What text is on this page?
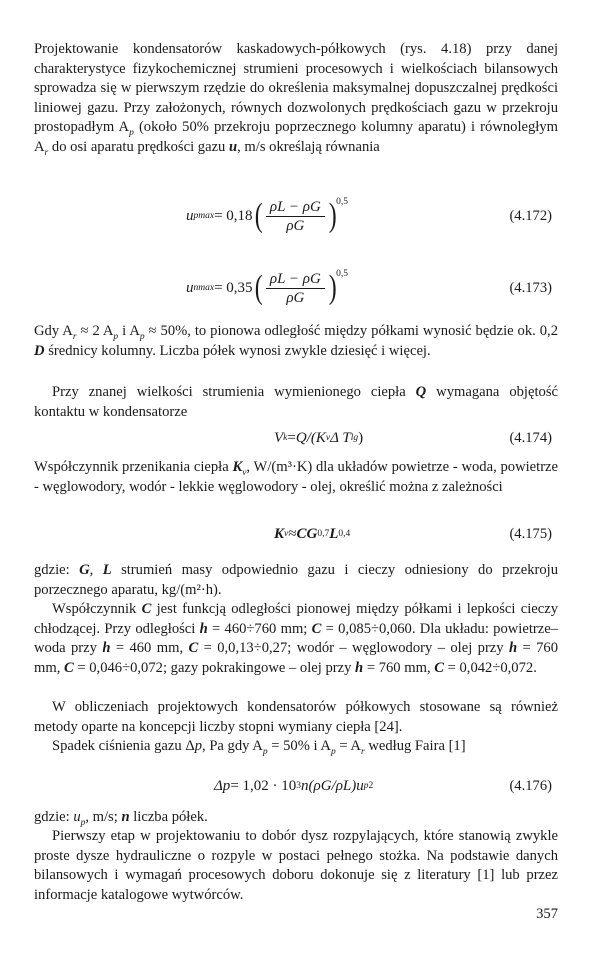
Projektowanie kondensatorów kaskadowych-półkowych (rys. 4.18) przy danej charakterystyce fizykochemicznej strumieni procesowych i wielkościach bilansowych sprowadza się w pierwszym rzędzie do określenia maksymalnej dopuszczalnej prędkości liniowej gazu. Przy założonych, równych dozwolonych prędkościach gazu w przekroju prostopadłym $A_p$ (około 50% przekroju poprzecznego kolumny aparatu) i równoległym $A_r$ do osi aparatu prędkości gazu u, m/s określają równania

u pmax = 0,18 ( $\frac{\rho L - \rho G}{\rho G}$ ) 0,5
(4.172)
u nmax = 0,35 ( $\frac{\rho L - \rho G}{\rho G}$ ) 0,5
(4.173)

Gdy $A_r \approx 2$ $A_p$ i $A_p \approx 50\%$, to pionowa odległość między półkami wynosić będzie ok. 0,2 D średnicy kolumny. Liczba półek wynosi zwykle dziesięć i więcej.

Przy znanej wielkości strumienia wymienionego ciepła Q wymagana objętość kontaktu w kondensatorze

V k = Q/(K v Δ T lg )	(4.174)

Współczynnik przenikania ciepła $K_v$, W/(m³·K) dla układów powietrze - woda, powietrze - węglowodory, wodór - lekkie węglowodory - olej, określić można z zależności

K v ≈ C G 0,7 L 0,4	(4.175)

gdzie: G, L strumień masy odpowiednio gazu i cieczy odniesiony do przekroju porzecznego aparatu, kg/(m²·h).

Współczynnik C jest funkcją odległości pionowej między półkami i lepkości cieczy chłodzącej. Przy odległości h = 460÷760 mm; C = 0,085÷0,060. Dla układu: powietrze–woda przy h = 460 mm, C = 0,0,13÷0,27; wodór – węglowodory – olej przy h = 760 mm, C = 0,046÷0,072; gazy pokrakingowe – olej przy h = 760 mm, C = 0,042÷0,072.

W obliczeniach projektowych kondensatorów półkowych stosowane są również metody oparte na koncepcji liczby stopni wymiany ciepła [24].

Spadek ciśnienia gazu Δp, Pa gdy $A_p = 50\%$ i $A_p = A_r$ według Faira [1]

Δp = 1,02 · 10 3 n (ρG/ρL) u p 2	(4.176)

gdzie: $u_p$, m/s; n liczba półek.

Pierwszy etap w projektowaniu to dobór dysz rozpylających, które stanowią zwykle proste dysze hydrauliczne o rozpyle w postaci pełnego stożka. Na podstawie danych bilansowych i wymagań procesowych doboru dokonuje się z literatury [1] lub przez informacje katalogowe wytwórców.

357
